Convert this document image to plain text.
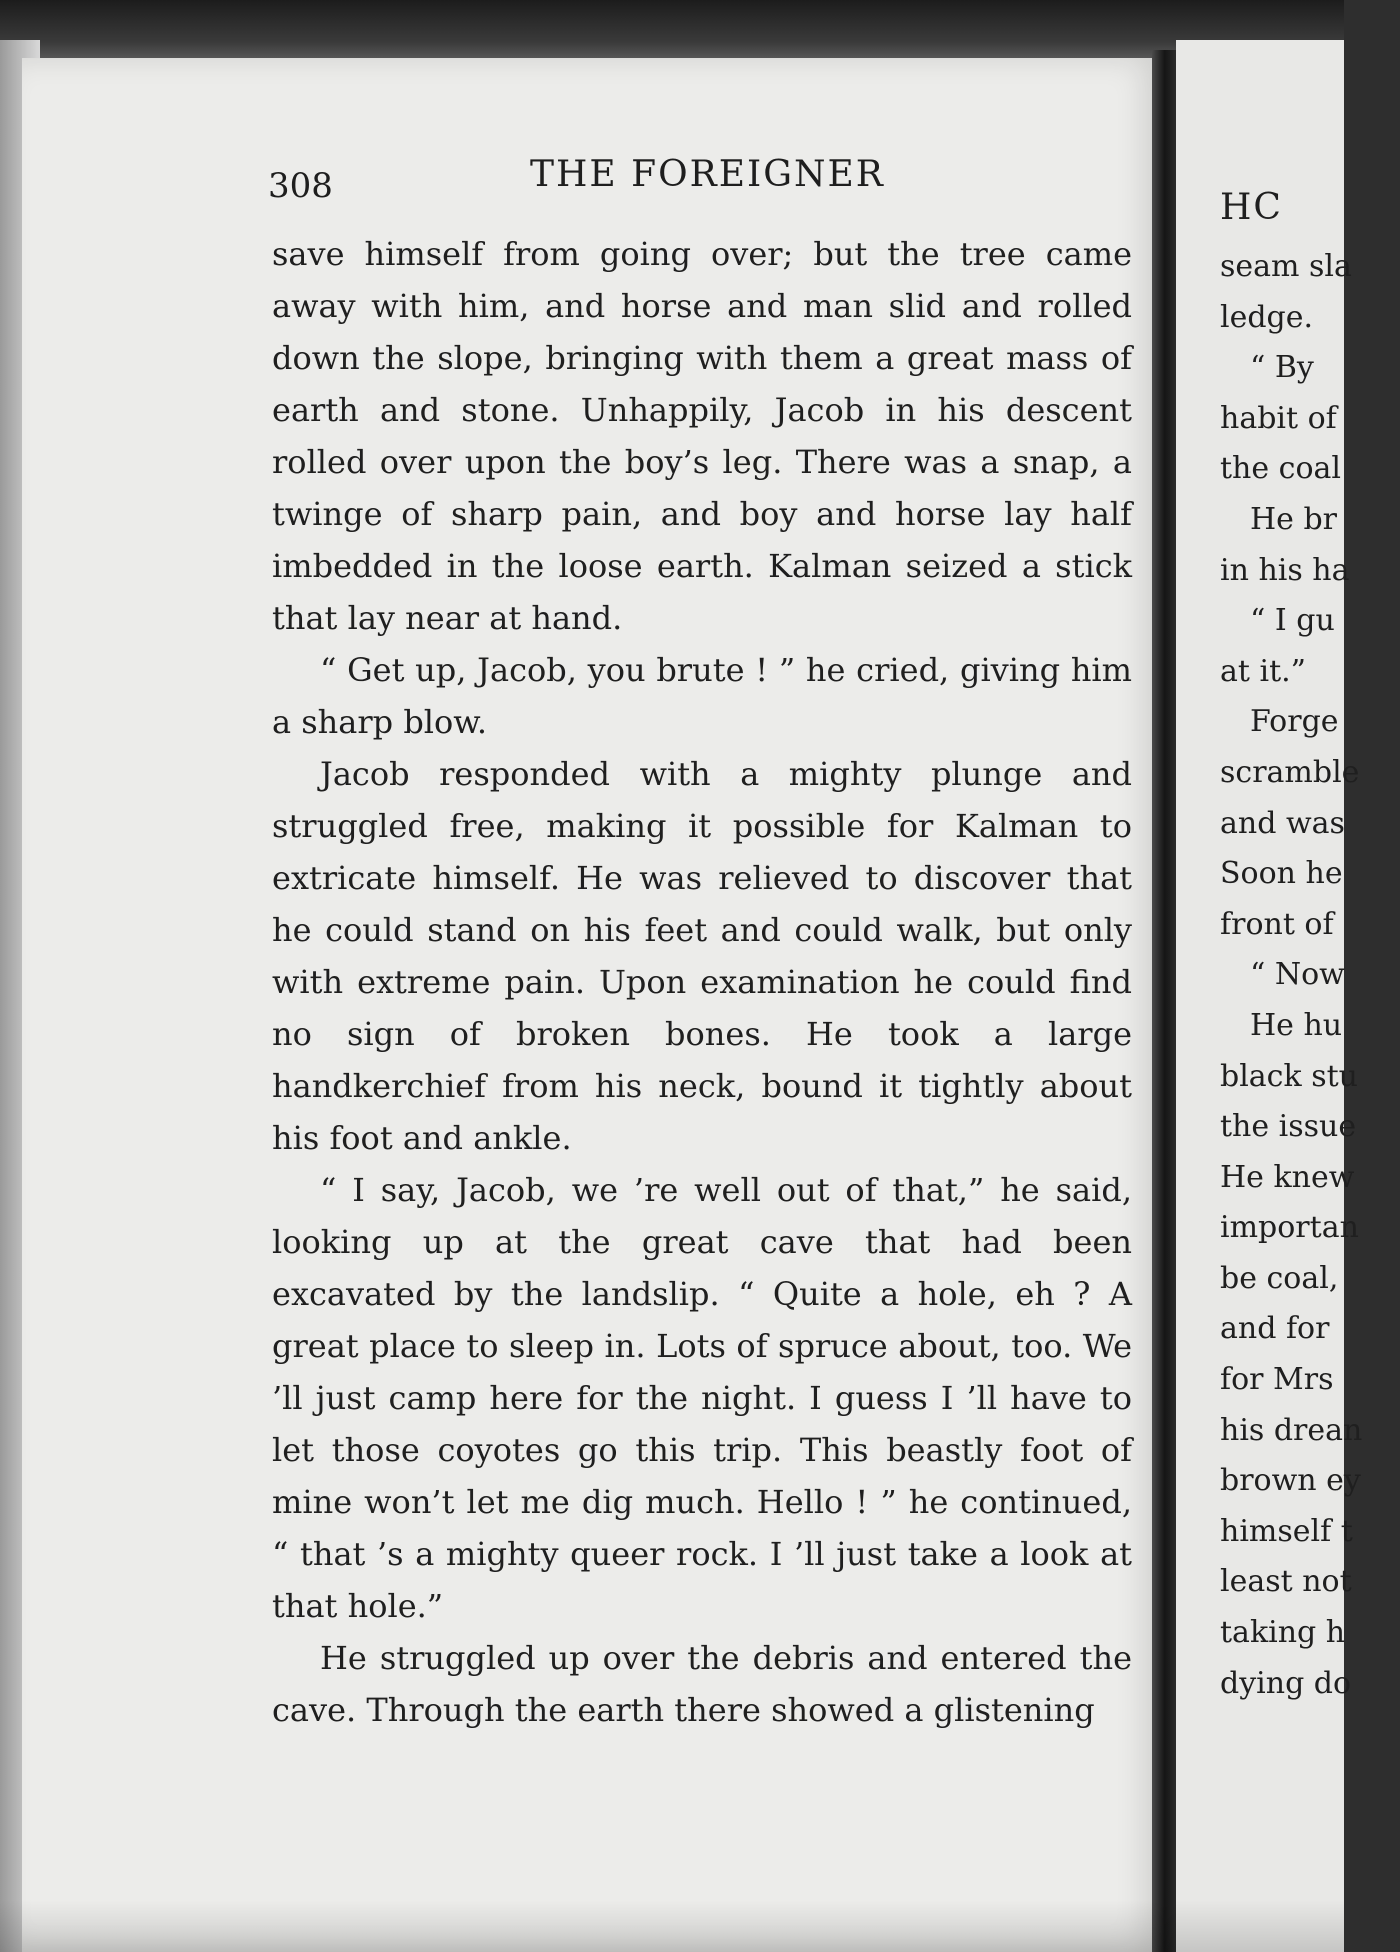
308	THE FOREIGNER

save himself from going over; but the tree came away with him, and horse and man slid and rolled down the slope, bringing with them a great mass of earth and stone. Unhappily, Jacob in his descent rolled over upon the boy’s leg. There was a snap, a twinge of sharp pain, and boy and horse lay half imbedded in the loose earth. Kalman seized a stick that lay near at hand.

“ Get up, Jacob, you brute ! ” he cried, giving him a sharp blow.

Jacob responded with a mighty plunge and struggled free, making it possible for Kalman to extricate himself. He was relieved to discover that he could stand on his feet and could walk, but only with extreme pain. Upon examination he could find no sign of broken bones. He took a large handkerchief from his neck, bound it tightly about his foot and ankle.

“ I say, Jacob, we ’re well out of that,” he said, looking up at the great cave that had been excavated by the landslip. “ Quite a hole, eh ? A great place to sleep in. Lots of spruce about, too. We ’ll just camp here for the night. I guess I ’ll have to let those coyotes go this trip. This beastly foot of mine won’t let me dig much. Hello ! ” he continued, “ that ’s a mighty queer rock. I ’ll just take a look at that hole.”

He struggled up over the debris and entered the cave. Through the earth there showed a glistening

HC
seam sla
ledge.
“ By
habit of
the coal
He br
in his ha
“ I gu
at it.”
Forge
scramble
and was
Soon he
front of
“ Now
He hu
black stu
the issue
He knew
importan
be coal,
and for
for Mrs
his drean
brown ey
himself t
least not
taking h
dying do
